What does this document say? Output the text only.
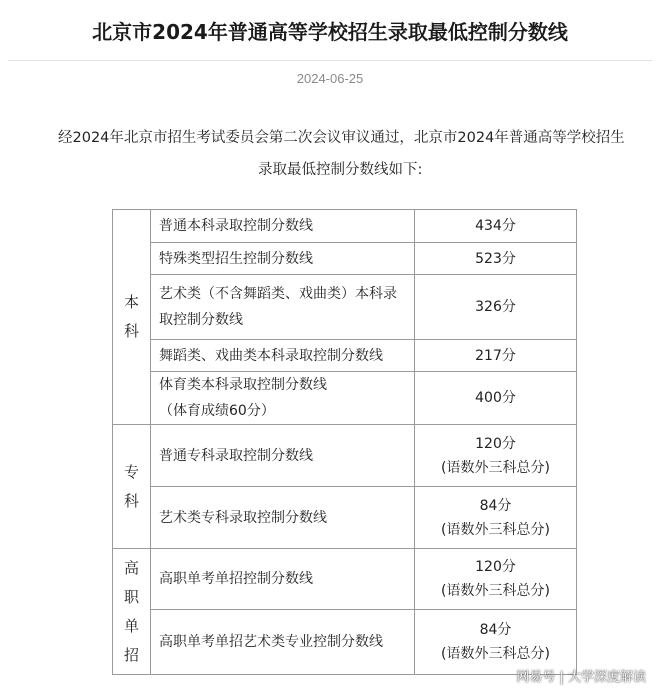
北京市2024年普通高等学校招生录取最低控制分数线
2024-06-25

经2024年北京市招生考试委员会第二次会议审议通过，北京市2024年普通高等学校招生

录取最低控制分数线如下:

本
科	普通本科录取控制分数线	434分
	特殊类型招生控制分数线	523分
	艺术类（不含舞蹈类、戏曲类）本科录取控制分数线	326分
	舞蹈类、戏曲类本科录取控制分数线	217分

	体育类本科录取控制分数线
（体育成绩60分）	400分

专
科	普通专科录取控制分数线	120分
(语数外三科总分)

	艺术类专科录取控制分数线	84分
(语数外三科总分)

高
职
单
招	高职单考单招控制分数线	120分
(语数外三科总分)

	高职单考单招艺术类专业控制分数线	84分
(语数外三科总分)
网易号 | 大学深度解读
